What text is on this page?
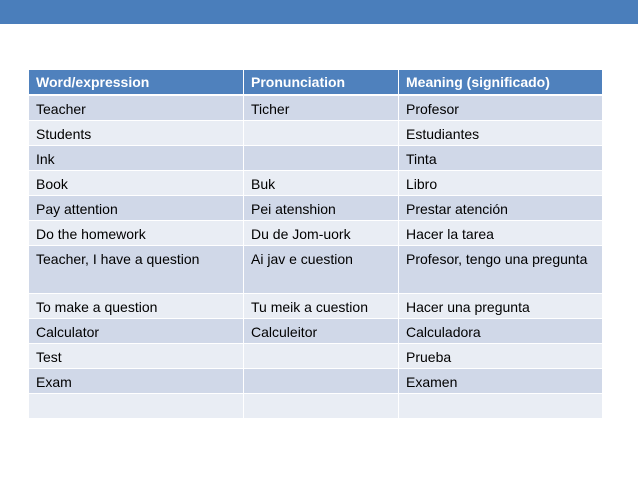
Word/expression	Pronunciation	Meaning (significado)
Teacher	Ticher	Profesor
Students		Estudiantes
Ink		Tinta
Book	Buk	Libro
Pay attention	Pei atenshion	Prestar atención
Do the homework	Du de Jom-uork	Hacer la tarea
Teacher, I have a question	Ai jav e cuestion	Profesor, tengo una pregunta
To make a question	Tu meik a cuestion	Hacer una pregunta
Calculator	Calculeitor	Calculadora
Test		Prueba
Exam		Examen
